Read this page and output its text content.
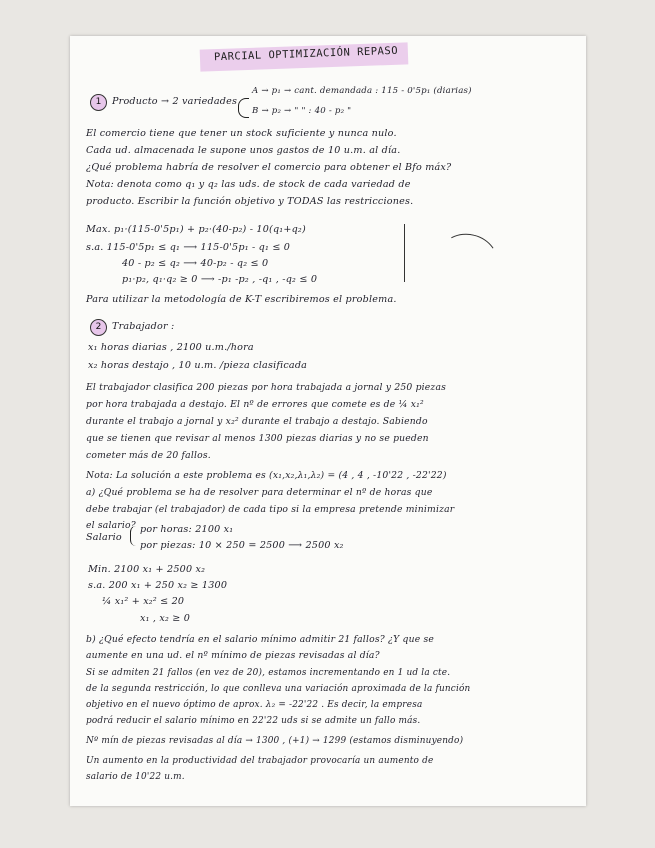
PARCIAL OPTIMIZACIÓN REPASO
1	Producto → 2 variedades
A → p₁ → cant. demandada : 115 - 0'5p₁ (diarias)
B → p₂ → " " : 40 - p₂ "
El comercio tiene que tener un stock suficiente y nunca nulo.
Cada ud. almacenada le supone unos gastos de 10 u.m. al día.
¿Qué problema habría de resolver el comercio para obtener el Bfo máx?
Nota: denota como q₁ y q₂ las uds. de stock de cada variedad de
producto. Escribir la función objetivo y TODAS las restricciones.
Max. p₁·(115-0'5p₁) + p₂·(40-p₂) - 10(q₁+q₂)
s.a. 115-0'5p₁ ≤ q₁ ⟶ 115-0'5p₁ - q₁ ≤ 0
40 - p₂ ≤ q₂ ⟶ 40-p₂ - q₂ ≤ 0
p₁·p₂, q₁·q₂ ≥ 0 ⟶ -p₁ -p₂ , -q₁ , -q₂ ≤ 0
Para utilizar la metodología de K-T escribiremos el problema.
2	Trabajador :
x₁ horas diarias , 2100 u.m./hora
x₂ horas destajo , 10 u.m. /pieza clasificada
El trabajador clasifica 200 piezas por hora trabajada a jornal y 250 piezas
por hora trabajada a destajo. El nº de errores que comete es de ¼ x₁²
durante el trabajo a jornal y x₂² durante el trabajo a destajo. Sabiendo
que se tienen que revisar al menos 1300 piezas diarias y no se pueden
cometer más de 20 fallos.
Nota: La solución a este problema es (x₁,x₂,λ₁,λ₂) = (4 , 4 , -10'22 , -22'22)
a) ¿Qué problema se ha de resolver para determinar el nº de horas que
debe trabajar (el trabajador) de cada tipo si la empresa pretende minimizar
el salario?
Salario
por horas: 2100 x₁
por piezas: 10 × 250 = 2500 ⟶ 2500 x₂
Min. 2100 x₁ + 2500 x₂
s.a. 200 x₁ + 250 x₂ ≥ 1300
¼ x₁² + x₂² ≤ 20
x₁ , x₂ ≥ 0
b) ¿Qué efecto tendría en el salario mínimo admitir 21 fallos? ¿Y que se
aumente en una ud. el nº mínimo de piezas revisadas al día?
Si se admiten 21 fallos (en vez de 20), estamos incrementando en 1 ud la cte.
de la segunda restricción, lo que conlleva una variación aproximada de la función
objetivo en el nuevo óptimo de aprox. λ₂ = -22'22 . Es decir, la empresa
podrá reducir el salario mínimo en 22'22 uds si se admite un fallo más.
Nº mín de piezas revisadas al día → 1300 , (+1) → 1299 (estamos disminuyendo)
Un aumento en la productividad del trabajador provocaría un aumento de
salario de 10'22 u.m.
